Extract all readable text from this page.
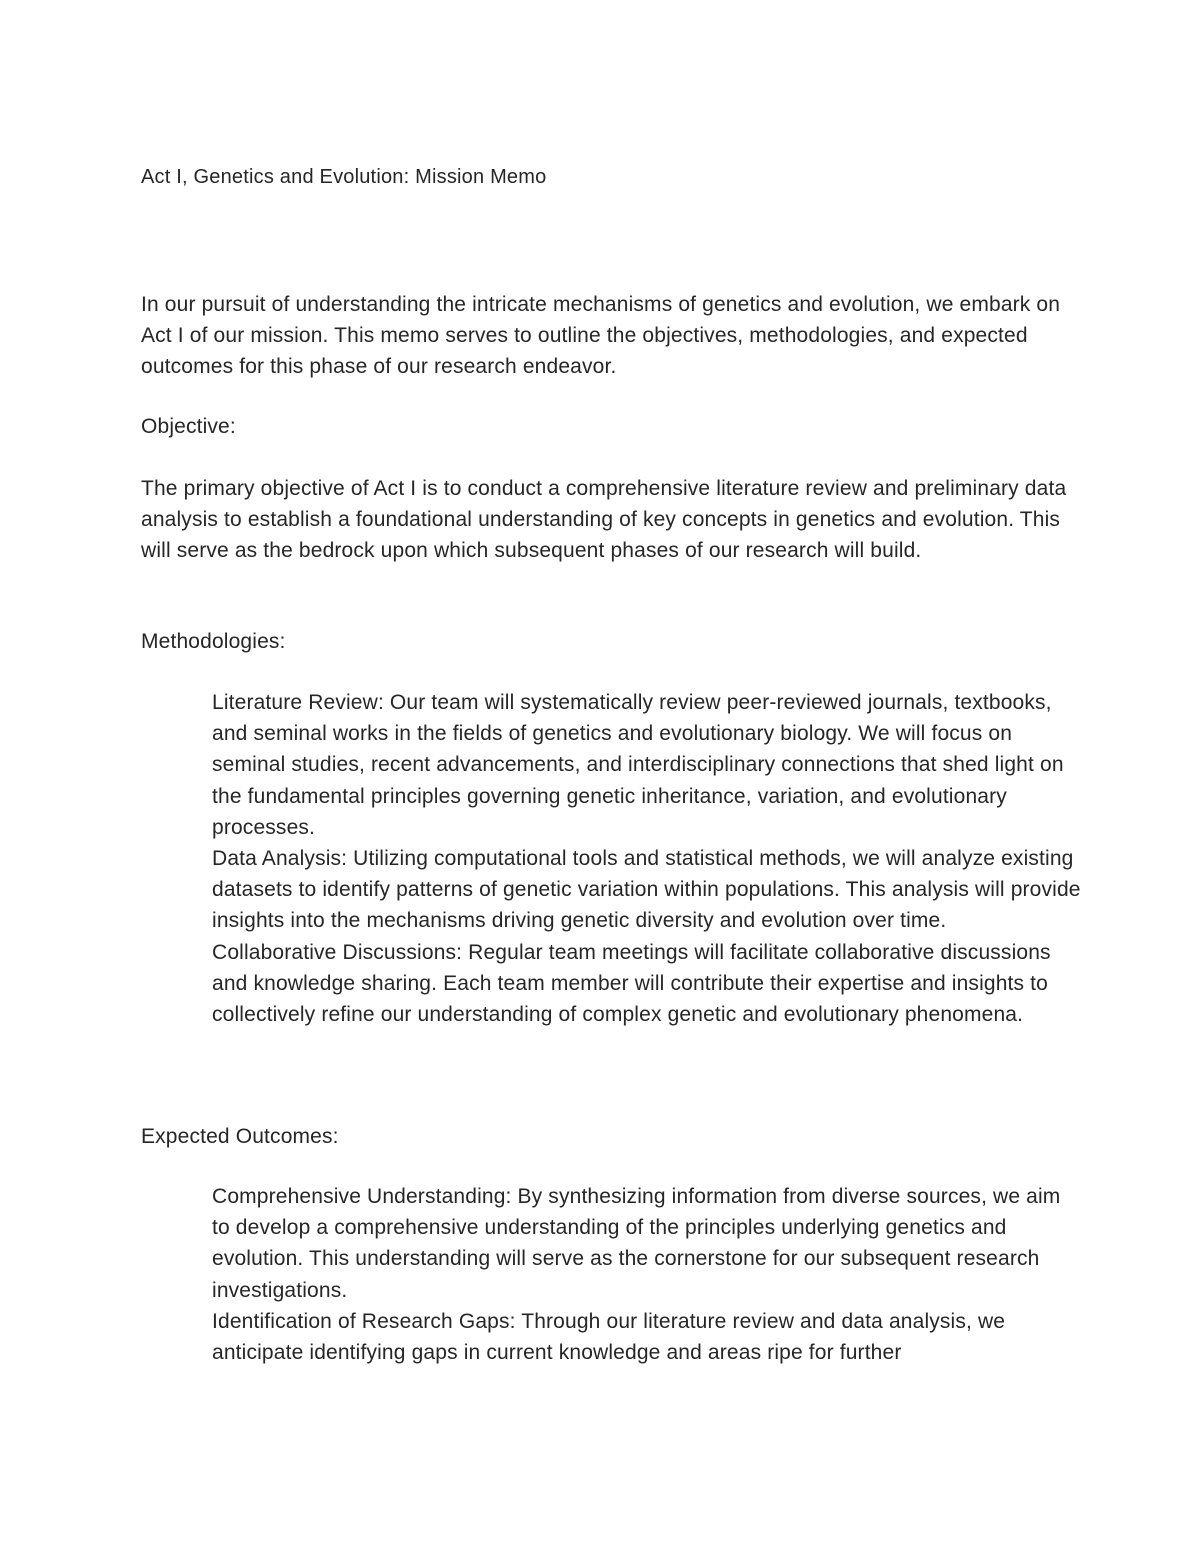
Act I, Genetics and Evolution: Mission Memo

In our pursuit of understanding the intricate mechanisms of genetics and evolution, we embark on Act I of our mission. This memo serves to outline the objectives, methodologies, and expected outcomes for this phase of our research endeavor.

Objective:

The primary objective of Act I is to conduct a comprehensive literature review and preliminary data analysis to establish a foundational understanding of key concepts in genetics and evolution. This will serve as the bedrock upon which subsequent phases of our research will build.

Methodologies:

Literature Review: Our team will systematically review peer-reviewed journals, textbooks, and seminal works in the fields of genetics and evolutionary biology. We will focus on seminal studies, recent advancements, and interdisciplinary connections that shed light on the fundamental principles governing genetic inheritance, variation, and evolutionary processes.
Data Analysis: Utilizing computational tools and statistical methods, we will analyze existing datasets to identify patterns of genetic variation within populations. This analysis will provide insights into the mechanisms driving genetic diversity and evolution over time.
Collaborative Discussions: Regular team meetings will facilitate collaborative discussions and knowledge sharing. Each team member will contribute their expertise and insights to collectively refine our understanding of complex genetic and evolutionary phenomena.

Expected Outcomes:

Comprehensive Understanding: By synthesizing information from diverse sources, we aim to develop a comprehensive understanding of the principles underlying genetics and evolution. This understanding will serve as the cornerstone for our subsequent research investigations.
Identification of Research Gaps: Through our literature review and data analysis, we anticipate identifying gaps in current knowledge and areas ripe for further
